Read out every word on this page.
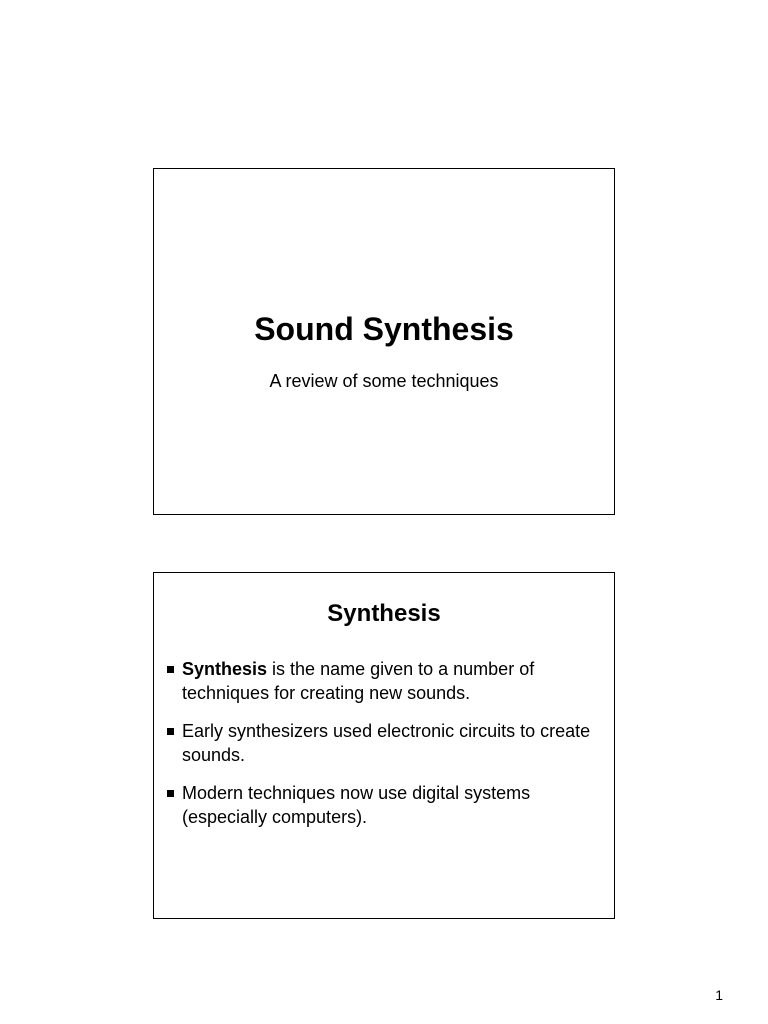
Sound Synthesis
A review of some techniques
Synthesis
Synthesis is the name given to a number of techniques for creating new sounds.
Early synthesizers used electronic circuits to create sounds.
Modern techniques now use digital systems (especially computers).
1
